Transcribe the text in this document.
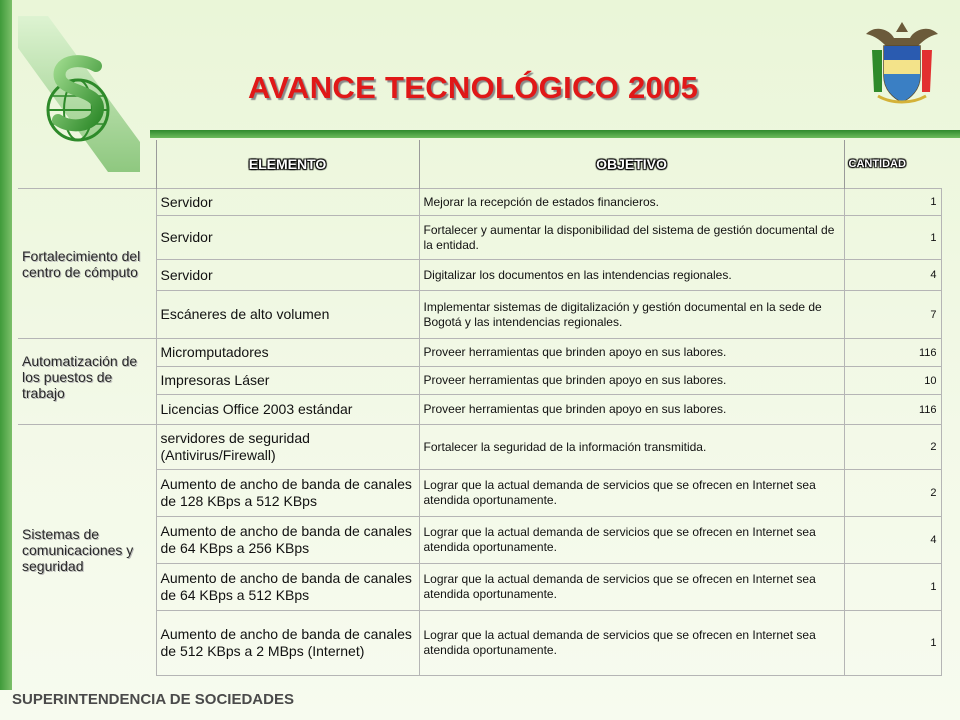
AVANCE TECNOLÓGICO 2005
	ELEMENTO	OBJETIVO	CANTIDAD
Fortalecimiento del centro de cómputo	Servidor	Mejorar la recepción de estados financieros.	1
	Servidor	Fortalecer y aumentar la disponibilidad del sistema de gestión documental de la entidad.	1
	Servidor	Digitalizar los documentos en las intendencias regionales.	4
	Escáneres de alto volumen	Implementar sistemas de digitalización y gestión documental en la sede de Bogotá y las intendencias regionales.	7
Automatización de los puestos de trabajo	Micromputadores	Proveer herramientas que brinden apoyo en sus labores.	116
	Impresoras Láser	Proveer herramientas que brinden apoyo en sus labores.	10
	Licencias Office 2003 estándar	Proveer herramientas que brinden apoyo en sus labores.	116
Sistemas de comunicaciones y seguridad	servidores de seguridad (Antivirus/Firewall)	Fortalecer la seguridad de la información transmitida.	2
	Aumento de ancho de banda de canales de 128 KBps a 512 KBps	Lograr que la actual demanda de servicios que se ofrecen en Internet sea atendida oportunamente.	2
	Aumento de ancho de banda de canales de 64 KBps a 256 KBps	Lograr que la actual demanda de servicios que se ofrecen en Internet sea atendida oportunamente.	4
	Aumento de ancho de banda de canales de 64 KBps a 512 KBps	Lograr que la actual demanda de servicios que se ofrecen en Internet sea atendida oportunamente.	1
	Aumento de ancho de banda de canales de 512 KBps a 2 MBps (Internet)	Lograr que la actual demanda de servicios que se ofrecen en Internet sea atendida oportunamente.	1
SUPERINTENDENCIA DE SOCIEDADES
